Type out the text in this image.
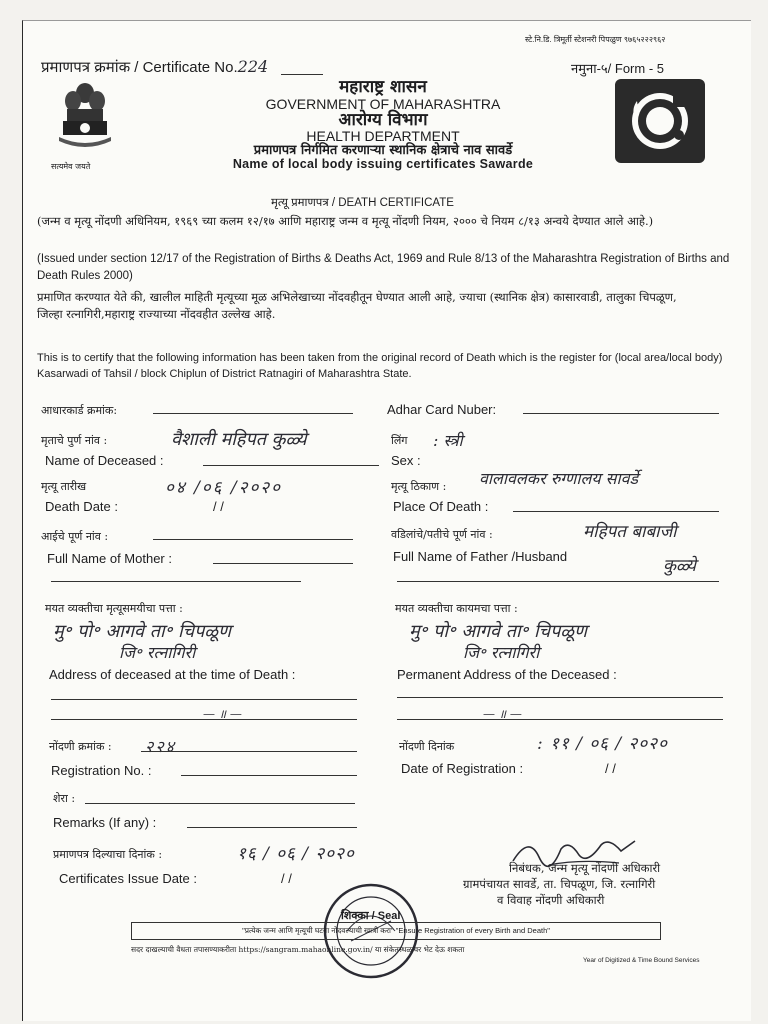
स्टे.नि.डि. त्रिमूर्ती स्टेशनरी पिपळुण ९७६५२२२९६२
प्रमाणपत्र क्रमांक / Certificate No.224	नमुना-५/ Form - 5
सत्यमेव जयते
महाराष्ट्र शासन
GOVERNMENT OF MAHARASHTRA
आरोग्य विभाग
HEALTH DEPARTMENT
प्रमाणपत्र निर्गमित करणाऱ्या स्थानिक क्षेत्राचे नाव सावर्डे
Name of local body issuing certificates Sawarde
मृत्यू प्रमाणपत्र / DEATH CERTIFICATE
(जन्म व मृत्यू नोंदणी अधिनियम, १९६९ च्या कलम १२/१७ आणि महाराष्ट्र जन्म व मृत्यू नोंदणी नियम, २००० चे नियम ८/१३ अन्वये देण्यात आले आहे.)
(Issued under section 12/17 of the Registration of Births & Deaths Act, 1969 and Rule 8/13 of the Maharashtra Registration of Births and Death Rules 2000)
प्रमाणित करण्यात येते की, खालील माहिती मृत्यूच्या मूळ अभिलेखाच्या नोंदवहीतून घेण्यात आली आहे, ज्याचा (स्थानिक क्षेत्र) कासारवाडी, तालुका चिपळूण, जिल्हा रत्नागिरी,महाराष्ट्र राज्याच्या नोंदवहीत उल्लेख आहे.
This is to certify that the following information has been taken from the original record of Death which is the register for (local area/local body) Kasarwadi of Tahsil / block Chiplun of District Ratnagiri of Maharashtra State.
आधारकार्ड क्रमांक:	Adhar Card Nuber:
मृताचे पुर्ण नांव :	वैशाली महिपत कुळ्ये
Name of Deceased :
लिंग : स्त्री
Sex :
मृत्यू तारीख	०४ /०६ /२०२०
Death Date :	/ /
मृत्यू ठिकाण : वालावलकर रुग्णालय सावर्डे
Place Of Death :
आईचे पूर्ण नांव :
Full Name of Mother :
वडिलांचे/पतीचे पूर्ण नांव :	महिपत बाबाजी
Full Name of Father /Husband	कुळ्ये
मयत व्यक्तीचा मृत्यूसमयीचा पत्ता :
मु॰ पो॰ आगवे ता॰ चिपळूण
जि॰ रत्नागिरी
Address of deceased at the time of Death :
— ॥ —
मयत व्यक्तीचा कायमचा पत्ता :
मु॰ पो॰ आगवे ता॰ चिपळूण
जि॰ रत्नागिरी
Permanent Address of the Deceased :
— ॥ —
नोंदणी क्रमांक : २२४
Registration No. :
नोंदणी दिनांक	: ११ / ०६ / २०२०
Date of Registration :	/ /
शेरा :
Remarks (If any) :
प्रमाणपत्र दिल्याचा दिनांक :	१६ / ०६ / २०२०
Certificates Issue Date :	/ /
निबंधक, जन्म मृत्यू नोंदणी अधिकारी
ग्रामपंचायत सावर्डे, ता. चिपळूण, जि. रत्नागिरी
व विवाह नोंदणी अधिकारी
शिक्का / Seal
"प्रत्येक जन्म आणि मृत्यूची घटना नोंदवल्याची खात्री करा" "Ensure Registration of every Birth and Death"
सदर दाखल्याची वैधता तपासण्याकरीता https://sangram.mahaonline.gov.in/ या संकेतस्थळावर भेट देऊ शकता
Year of Digitized & Time Bound Services
